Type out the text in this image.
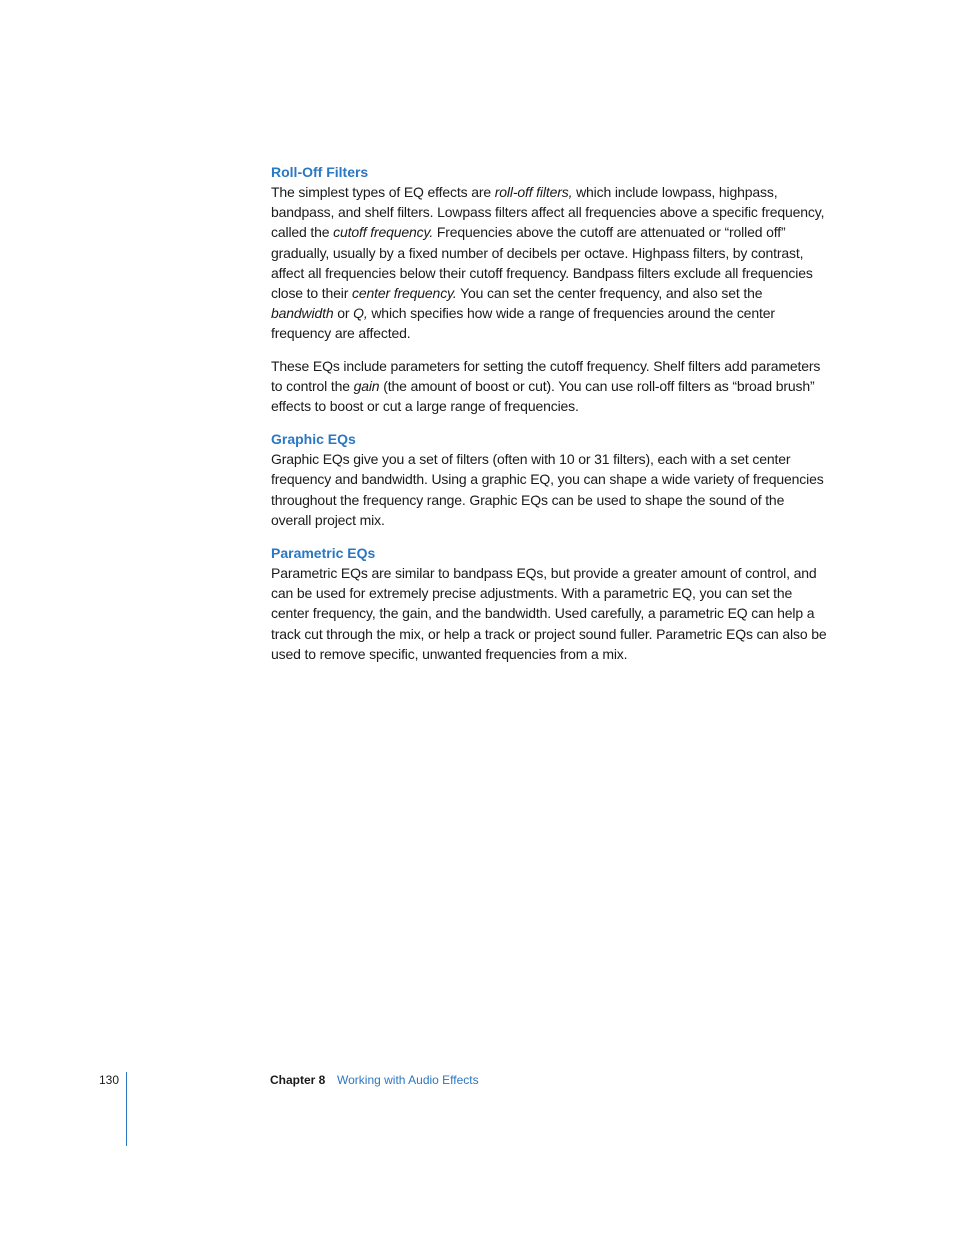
Roll-Off Filters

The simplest types of EQ effects are roll-off filters, which include lowpass, highpass, bandpass, and shelf filters. Lowpass filters affect all frequencies above a specific frequency, called the cutoff frequency. Frequencies above the cutoff are attenuated or “rolled off” gradually, usually by a fixed number of decibels per octave. Highpass filters, by contrast, affect all frequencies below their cutoff frequency. Bandpass filters exclude all frequencies close to their center frequency. You can set the center frequency, and also set the bandwidth or Q, which specifies how wide a range of frequencies around the center frequency are affected.

These EQs include parameters for setting the cutoff frequency. Shelf filters add parameters to control the gain (the amount of boost or cut). You can use roll-off filters as “broad brush” effects to boost or cut a large range of frequencies.

Graphic EQs

Graphic EQs give you a set of filters (often with 10 or 31 filters), each with a set center frequency and bandwidth. Using a graphic EQ, you can shape a wide variety of frequencies throughout the frequency range. Graphic EQs can be used to shape the sound of the overall project mix.

Parametric EQs

Parametric EQs are similar to bandpass EQs, but provide a greater amount of control, and can be used for extremely precise adjustments. With a parametric EQ, you can set the center frequency, the gain, and the bandwidth. Used carefully, a parametric EQ can help a track cut through the mix, or help a track or project sound fuller. Parametric EQs can also be used to remove specific, unwanted frequencies from a mix.

130	Chapter 8 Working with Audio Effects
